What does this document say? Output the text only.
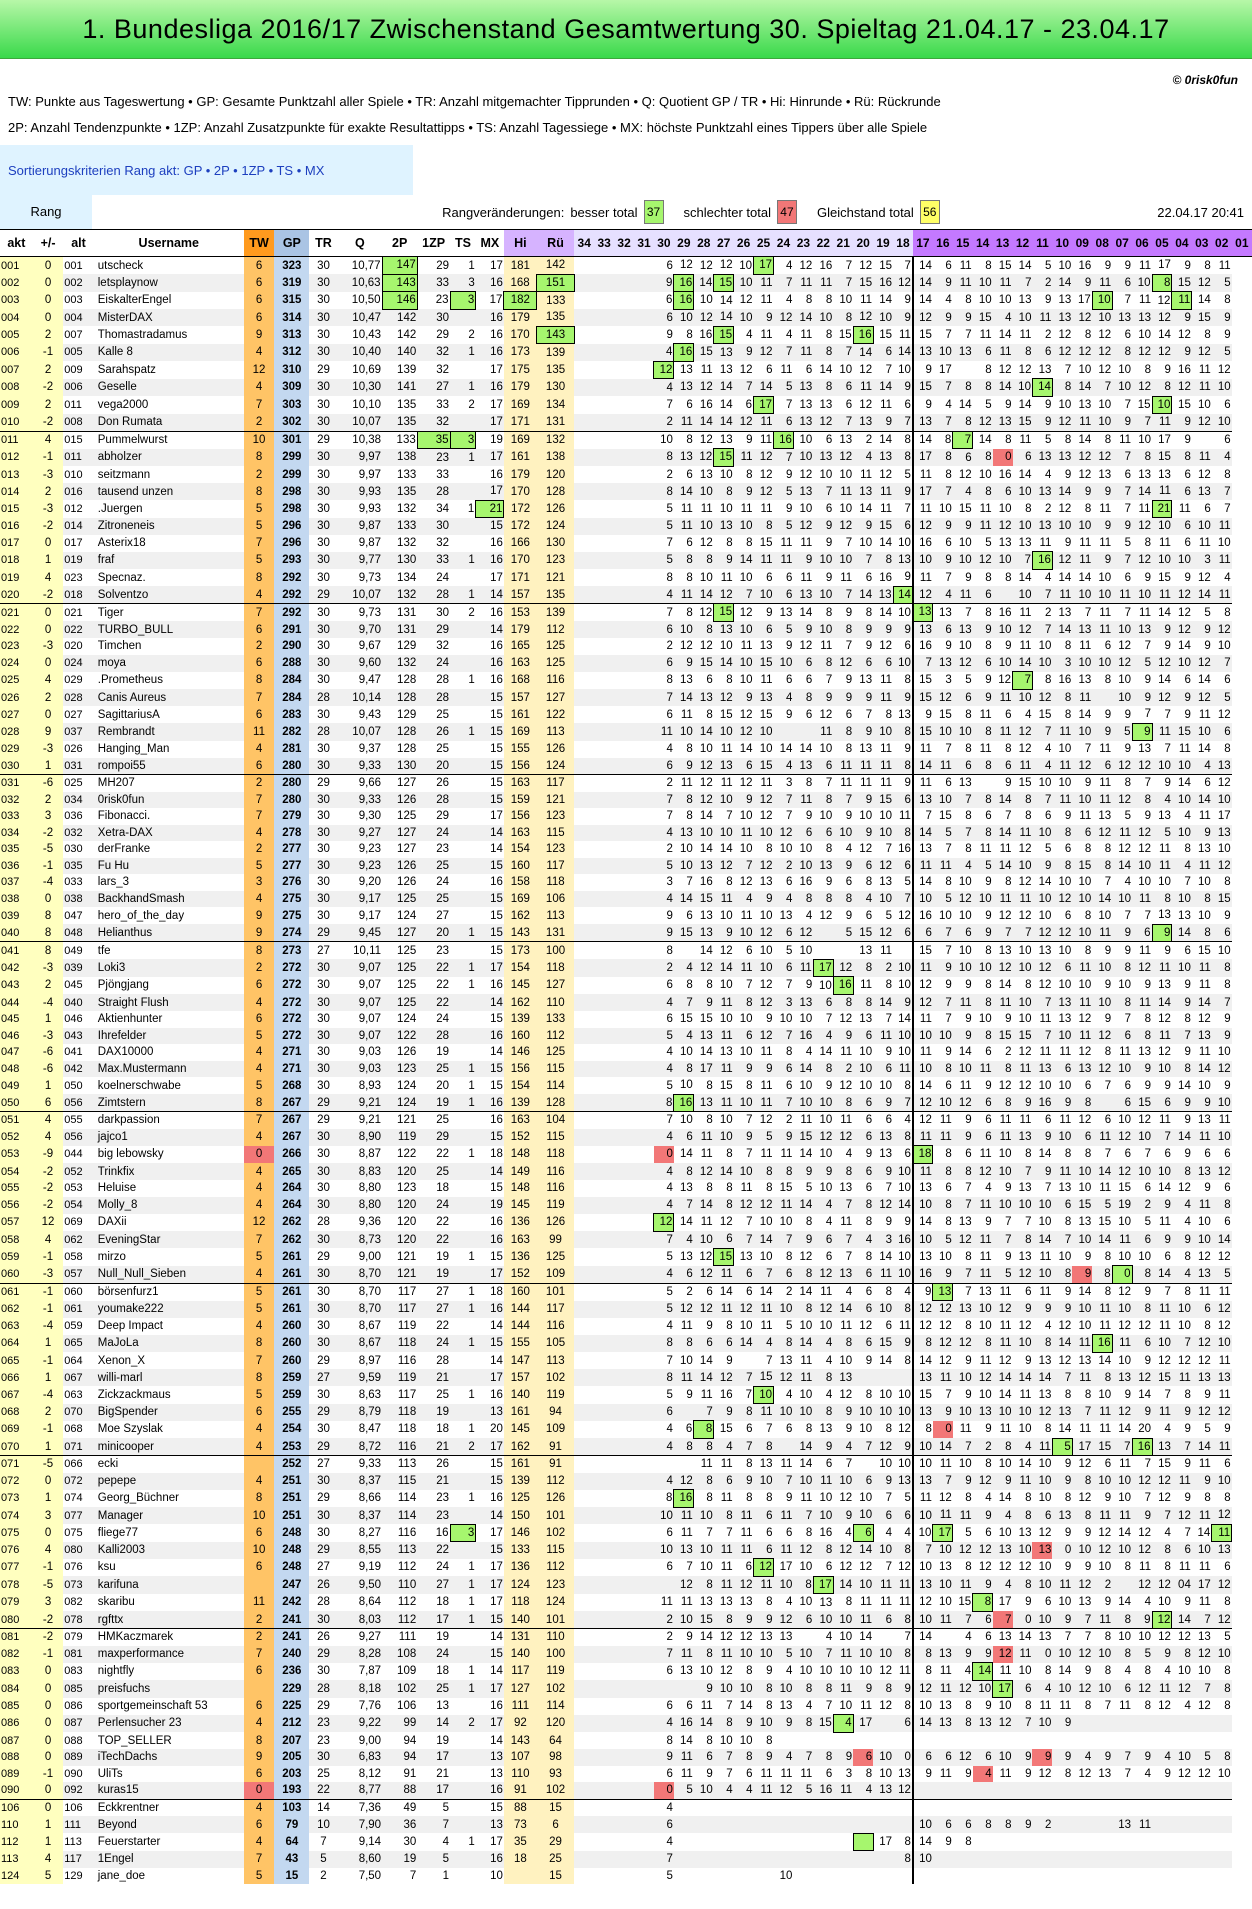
1. Bundesliga 2016/17 Zwischenstand Gesamtwertung 30. Spieltag 21.04.17 - 23.04.17
© 0risk0fun
TW: Punkte aus Tageswertung • GP: Gesamte Punktzahl aller Spiele • TR: Anzahl mitgemachter Tipprunden • Q: Quotient GP / TR • Hi: Hinrunde • Rü: Rückrunde
2P: Anzahl Tendenzpunkte • 1ZP: Anzahl Zusatzpunkte für exakte Resultattipps • TS: Anzahl Tagessiege • MX: höchste Punktzahl eines Tippers über alle Spiele
Sortierungskriterien Rang akt: GP • 2P • 1ZP • TS • MX
Rang	Rangveränderungen: besser total 37 schlechter total 47 Gleichstand total 56	22.04.17 20:41
akt	+/-	alt	Username	TW	GP	TR	Q	2P	1ZP	TS	MX	Hi	Rü	34	33	32	31	30	29	28	27	26	25	24	23	22	21	20	19	18	17	16	15	14	13	12	11	10	09	08	07	06	05	04	03	02	01
001	0	001	utscheck	6	323	30	10,77	147	29	1	17	181	142					6	12	12	12	10	17	4	12	16	7	12	15	7	14	6	11	8	15	14	5	10	16	9	9	11	17	9	8	11	
002	0	002	letsplaynow	6	319	30	10,63	143	33	3	16	168	151					9	16	14	15	10	11	7	11	11	7	15	16	12	14	9	11	10	11	7	2	14	9	11	6	10	8	15	12	5	
003	0	003	EiskalterEngel	6	315	30	10,50	146	23	3	17	182	133					6	16	10	14	12	11	4	8	8	10	11	14	9	14	4	8	10	10	13	9	13	17	10	7	11	12	11	14	8	
004	0	004	MisterDAX	6	314	30	10,47	142	30		16	179	135					6	10	12	14	10	9	12	14	10	8	12	10	9	12	9	9	15	4	10	11	13	12	10	13	13	12	9	15	9	
005	2	007	Thomastradamus	9	313	30	10,43	142	29	2	16	170	143					9	8	16	15	4	11	4	11	8	15	16	15	11	15	7	7	11	14	11	2	12	8	12	6	10	14	12	8	9	
006	-1	005	Kalle 8	4	312	30	10,40	140	32	1	16	173	139					4	16	15	13	9	12	7	11	8	7	14	6	14	13	10	13	6	11	8	6	12	12	12	8	12	12	9	12	5	
007	2	009	Sarahspatz	12	310	29	10,69	139	32		17	175	135					12	13	11	13	12	6	11	6	14	10	12	7	10	9	17		8	12	12	13	7	10	12	10	8	9	16	11	12	
008	-2	006	Geselle	4	309	30	10,30	141	27	1	16	179	130					4	13	12	14	7	14	5	13	8	6	11	14	9	15	7	8	8	14	10	14	8	14	7	10	12	8	12	11	10	
009	2	011	vega2000	7	303	30	10,10	135	33	2	17	169	134					7	6	16	14	6	17	7	13	13	6	12	11	6	9	4	14	5	9	14	9	10	13	10	7	15	10	15	10	6	
010	-2	008	Don Rumata	2	302	30	10,07	135	32		17	171	131					2	11	14	14	12	11	6	13	12	7	13	9	7	13	7	8	12	13	15	9	12	11	10	9	7	11	9	12	10	
011	4	015	Pummelwurst	10	301	29	10,38	133	35	3	19	169	132					10	8	12	13	9	11	16	10	6	13	2	14	8	14	8	7	14	8	11	5	8	14	8	11	10	17	9		6	
012	-1	011	abholzer	8	299	30	9,97	138	23	1	17	161	138					8	13	12	15	11	12	7	10	13	12	4	13	8	17	8	6	8	0	6	13	13	12	12	7	8	15	8	11	4	
013	-3	010	seitzmann	2	299	30	9,97	133	33		16	179	120					2	6	13	10	8	12	9	12	10	10	11	12	5	11	8	12	10	16	14	4	9	12	13	6	13	13	6	12	8	
014	2	016	tausend unzen	8	298	30	9,93	135	28		17	170	128					8	14	10	8	9	12	5	13	7	11	13	11	9	17	7	4	8	6	10	13	14	9	9	7	14	11	6	13	7	
015	-3	012	.Juergen	5	298	30	9,93	132	34	1	21	172	126					5	11	11	10	11	11	9	10	6	10	14	11	7	11	10	15	11	10	8	2	12	8	11	7	11	21	11	6	7	
016	-2	014	Zitroneneis	5	296	30	9,87	133	30		15	172	124					5	11	10	13	10	8	5	12	9	12	9	15	6	12	9	9	11	12	10	13	10	10	9	9	12	10	6	10	11	
017	0	017	Asterix18	7	296	30	9,87	132	32		16	166	130					7	6	12	8	8	15	11	11	9	7	10	14	10	16	6	10	5	13	13	11	9	11	11	5	8	11	6	11	10	
018	1	019	fraf	5	293	30	9,77	130	33	1	16	170	123					5	8	8	9	14	11	11	9	10	10	7	8	13	10	9	10	12	10	7	16	12	11	9	7	12	10	10	3	11	
019	4	023	Specnaz.	8	292	30	9,73	134	24		17	171	121					8	8	10	11	10	6	6	11	9	11	6	16	9	11	7	9	8	8	14	4	14	14	10	6	9	15	9	12	4	
020	-2	018	Solventzo	4	292	29	10,07	132	28	1	14	157	135					4	11	14	12	7	10	6	13	10	7	14	13	14	12	4	11	6		10	7	11	10	10	11	10	11	12	14	11	
021	0	021	Tiger	7	292	30	9,73	131	30	2	16	153	139					7	8	12	15	12	9	13	14	8	9	8	14	10	13	13	7	8	16	11	2	13	7	11	7	11	14	12	5	8	
022	0	022	TURBO_BULL	6	291	30	9,70	131	29		14	179	112					6	10	8	13	10	6	5	9	10	8	9	9	9	13	6	13	9	10	12	7	14	13	11	10	13	9	12	9	12	
023	-3	020	Timchen	2	290	30	9,67	129	32		16	165	125					2	12	12	10	11	13	9	12	11	7	9	12	6	16	9	10	8	9	11	10	8	11	6	12	7	9	14	9	10	
024	0	024	moya	6	288	30	9,60	132	24		16	163	125					6	9	15	14	10	15	10	6	8	12	6	6	10	7	13	12	6	10	14	10	3	10	10	12	5	12	10	12	7	
025	4	029	.Prometheus	8	284	30	9,47	128	28	1	16	168	116					8	13	6	8	10	11	6	6	7	9	13	11	8	15	3	5	9	12	7	8	16	13	8	10	9	14	6	14	6	
026	2	028	Canis Aureus	7	284	28	10,14	128	28		15	157	127					7	14	13	12	9	13	4	8	9	9	9	11	9	15	12	6	9	11	10	12	8	11		10	9	12	9	12	5	
027	0	027	SagittariusA	6	283	30	9,43	129	25		15	161	122					6	11	8	15	12	15	9	6	12	6	7	8	13	9	15	8	11	6	4	15	8	14	9	9	7	7	9	11	12	
028	9	037	Rembrandt	11	282	28	10,07	128	26	1	15	169	113					11	10	14	10	12	10			11	8	9	10	8	15	10	10	8	11	12	7	11	10	9	5	9	11	15	10	6	
029	-3	026	Hanging_Man	4	281	30	9,37	128	25		15	155	126					4	8	10	11	14	10	14	14	10	8	13	11	9	11	7	8	11	8	12	4	10	7	11	9	13	7	11	14	8	
030	1	031	rompoi55	6	280	30	9,33	130	20		15	156	124					6	9	12	13	6	15	4	13	6	11	11	11	8	14	11	6	8	6	11	4	11	12	6	12	12	10	10	4	13	
031	-6	025	MH207	2	280	29	9,66	127	26		15	163	117					2	11	12	11	12	11	3	8	7	11	11	11	9	11	6	13		9	15	10	10	9	11	8	7	9	14	6	12	
032	2	034	0risk0fun	7	280	30	9,33	126	28		15	159	121					7	8	12	10	9	12	7	11	8	7	9	15	6	13	10	7	8	14	8	7	11	10	11	12	8	4	10	14	10	
033	3	036	Fibonacci.	7	279	30	9,30	125	29		17	156	123					7	8	14	7	10	12	7	9	10	9	10	10	11	7	15	8	6	7	8	6	9	11	13	5	9	13	4	11	17	
034	-2	032	Xetra-DAX	4	278	30	9,27	127	24		14	163	115					4	13	10	10	11	10	12	6	6	10	9	10	8	14	5	7	8	14	11	10	8	6	12	11	12	5	10	9	13	
035	-5	030	derFranke	2	277	30	9,23	127	23		14	154	123					2	10	14	14	10	8	10	10	8	4	12	7	16	13	7	8	11	11	12	5	6	8	8	12	12	11	8	13	10	
036	-1	035	Fu Hu	5	277	30	9,23	126	25		15	160	117					5	10	13	12	7	12	2	10	13	9	6	12	6	11	11	4	5	14	10	9	8	15	8	14	10	11	4	11	12	
037	-4	033	lars_3	3	276	30	9,20	126	24		16	158	118					3	7	16	8	12	13	6	16	9	6	8	13	5	14	8	10	9	8	12	14	10	10	7	4	10	10	7	10	8	
038	0	038	BackhandSmash	4	275	30	9,17	125	25		15	169	106					4	14	15	11	4	9	4	8	8	8	4	10	7	10	5	12	10	11	11	10	12	10	14	10	11	8	10	8	15	
039	8	047	hero_of_the_day	9	275	30	9,17	124	27		15	162	113					9	6	13	10	11	10	13	4	12	9	6	5	12	16	10	10	9	12	12	10	6	8	10	7	7	13	13	10	9	
040	8	048	Helianthus	9	274	29	9,45	127	20	1	15	143	131					9	15	13	9	10	12	6	12		5	15	12	6	6	7	6	9	7	7	12	12	10	11	9	6	9	14	8	6	
041	8	049	tfe	8	273	27	10,11	125	23		15	173	100					8		14	12	6	10	5	10			13	11		15	7	10	8	13	10	13	10	8	9	9	11	9	6	15	10	
042	-3	039	Loki3	2	272	30	9,07	125	22	1	17	154	118					2	4	12	14	11	10	6	11	17	12	8	2	10	11	9	10	10	12	10	12	6	11	10	8	12	11	10	11	8	
043	2	045	Pjöngjang	6	272	30	9,07	125	22	1	16	145	127					6	8	8	10	7	12	7	9	10	16	11	8	10	12	9	9	8	14	8	12	10	10	9	10	9	13	9	11	8	
044	-4	040	Straight Flush	4	272	30	9,07	125	22		14	162	110					4	7	9	11	8	12	3	13	6	8	8	14	9	12	7	11	8	11	10	7	13	11	10	8	11	14	9	14	7	
045	1	046	Aktienhunter	6	272	30	9,07	124	24		15	139	133					6	15	15	10	10	9	10	10	7	12	13	7	14	11	7	9	10	9	10	11	13	12	9	7	8	12	8	12	9	
046	-3	043	Ihrefelder	5	272	30	9,07	122	28		16	160	112					5	4	13	11	6	12	7	16	4	9	6	11	10	10	10	9	8	15	15	7	10	11	12	6	8	11	7	13	9	
047	-6	041	DAX10000	4	271	30	9,03	126	19		14	146	125					4	10	14	13	10	11	8	4	14	11	10	9	10	11	9	14	6	2	12	11	11	12	8	11	13	12	9	11	10	
048	-6	042	Max.Mustermann	4	271	30	9,03	123	25	1	15	156	115					4	8	17	11	9	9	6	14	8	2	10	6	11	10	8	10	11	8	11	13	6	13	12	10	9	10	8	14	12	
049	1	050	koelnerschwabe	5	268	30	8,93	124	20	1	15	154	114					5	10	8	15	8	11	6	10	9	12	10	10	8	14	6	11	9	12	12	10	10	6	7	6	9	9	14	10	9	
050	6	056	Zimtstern	8	267	29	9,21	124	19	1	16	139	128					8	16	13	11	10	11	7	10	10	8	6	9	7	12	10	12	6	8	9	16	9	8		6	15	6	9	9	10	
051	4	055	darkpassion	7	267	29	9,21	121	25		16	163	104					7	10	8	10	7	12	2	11	10	11	6	6	4	12	11	9	6	11	11	6	11	12	6	10	12	11	9	13	11	
052	4	056	jajco1	4	267	30	8,90	119	29		15	152	115					4	6	11	10	9	5	9	15	12	12	6	13	8	11	11	9	6	11	13	9	10	6	11	12	10	7	14	11	10	
053	-9	044	big lebowsky	0	266	30	8,87	122	22	1	18	148	118					0	14	11	8	7	11	11	14	10	4	9	13	6	18	8	6	11	10	8	14	8	8	7	6	7	6	9	6	6	
054	-2	052	Trinkfix	4	265	30	8,83	120	25		14	149	116					4	8	12	14	10	8	8	9	9	8	6	9	10	11	8	8	12	10	7	9	11	10	14	12	10	10	8	13	12	
055	-2	053	Heluise	4	264	30	8,80	123	18		15	148	116					4	13	8	8	11	8	15	5	10	13	6	7	10	13	6	7	4	9	13	7	13	10	11	15	6	14	12	9	6	
056	-2	054	Molly_8	4	264	30	8,80	120	24		19	145	119					4	7	14	8	12	12	11	14	4	7	8	12	14	10	8	7	11	10	10	10	6	15	5	19	2	9	4	11	8	
057	12	069	DAXii	12	262	28	9,36	120	22		16	136	126					12	14	11	12	7	10	10	8	4	11	8	9	9	14	8	13	9	7	7	10	8	13	15	10	5	11	4	10	6	
058	4	062	EveningStar	7	262	30	8,73	120	22		16	163	99					7	4	10	6	7	14	7	9	6	7	4	3	16	10	5	12	11	7	8	14	7	10	14	11	6	9	9	10	14	
059	-1	058	mirzo	5	261	29	9,00	121	19	1	15	136	125					5	13	12	15	13	10	8	12	6	7	8	14	10	13	10	8	11	9	13	11	10	9	8	10	10	6	8	12	12	
060	-3	057	Null_Null_Sieben	4	261	30	8,70	121	19		17	152	109					4	6	12	11	6	7	6	8	12	13	6	11	10	16	9	7	11	5	12	10	8	9	8	0	8	14	4	13	5	
061	-1	060	börsenfurz1	5	261	30	8,70	117	27	1	18	160	101					5	2	6	14	6	14	2	14	11	4	6	8	4	9	13	7	13	11	6	11	9	14	8	12	9	7	8	11	11	
062	-1	061	youmake222	5	261	30	8,70	117	27	1	16	144	117					5	12	12	11	12	11	10	8	12	14	6	10	8	12	12	13	10	12	9	9	9	10	11	10	8	11	10	6	12	
063	-4	059	Deep Impact	4	260	30	8,67	119	22		14	144	116					4	11	9	8	10	11	5	10	10	11	12	6	11	12	12	8	10	11	12	4	12	10	11	12	12	11	10	8	12	
064	1	065	MaJoLa	8	260	30	8,67	118	24	1	15	155	105					8	8	6	6	14	4	8	14	4	8	6	15	9	8	12	12	8	11	10	8	14	11	16	11	6	10	7	12	10	
065	-1	064	Xenon_X	7	260	29	8,97	116	28		14	147	113					7	10	14	9		7	13	11	4	10	9	14	8	14	12	9	11	12	9	13	12	13	14	10	9	12	12	12	11	
066	1	067	willi-marl	8	259	27	9,59	119	21		17	157	102					8	11	14	12	7	15	12	11	8	13				13	11	10	12	14	14	14	7	11	8	13	12	15	11	13	13	
067	-4	063	Zickzackmaus	5	259	30	8,63	117	25	1	16	140	119					5	9	11	16	7	10	4	10	4	12	8	10	10	15	7	9	10	14	11	13	8	8	10	9	14	7	8	9	11	
068	2	070	BigSpender	6	255	29	8,79	118	19		13	161	94					6		7	9	8	11	10	10	8	9	10	10	10	13	9	10	13	10	10	12	13	7	11	12	9	11	9	12	12	
069	-1	068	Moe Szyslak	4	254	30	8,47	118	18	1	20	145	109					4	6	8	15	6	7	6	8	13	9	10	8	12	8	0	11	9	11	10	8	14	11	11	14	20	4	9	5	9	
070	1	071	minicooper	4	253	29	8,72	116	21	2	17	162	91					4	8	8	4	7	8		14	9	4	7	12	9	10	14	7	2	8	4	11	5	17	15	7	16	13	7	14	11	
071	-5	066	ecki		252	27	9,33	113	26		15	161	91							11	11	8	13	11	14	6	7		10	10	10	11	10	8	10	14	10	9	12	6	11	7	15	9	11	6	
072	0	072	pepepe	4	251	30	8,37	115	21		15	139	112					4	12	8	6	9	10	7	10	11	10	6	9	13	13	7	9	12	9	11	10	9	8	10	10	12	12	11	9	10	
073	1	074	Georg_Büchner	8	251	29	8,66	114	23	1	16	125	126					8	16	8	11	8	8	9	11	10	12	10	7	5	11	12	8	4	14	8	10	8	12	9	10	7	12	9	8	8	
074	3	077	Manager	10	251	30	8,37	114	23		14	150	101					10	11	10	8	11	6	11	7	10	9	10	6	6	10	11	11	9	4	8	6	13	8	11	11	9	7	12	11	12	
075	0	075	fliege77	6	248	30	8,27	116	16	3	17	146	102					6	11	7	7	11	6	6	8	16	4	6	4	4	10	17	5	6	10	13	12	9	9	12	14	12	4	7	14	11	
076	4	080	Kalli2003	10	248	29	8,55	113	22		15	133	115					10	13	10	11	11	6	11	12	8	12	14	10	8	7	10	12	12	13	10	13	0	10	12	10	12	8	6	10	13	
077	-1	076	ksu	6	248	27	9,19	112	24	1	17	136	112					6	7	10	11	6	12	17	10	6	12	12	7	12	10	13	8	12	12	12	10	9	9	10	8	11	8	11	11	6	
078	-5	073	karifuna		247	26	9,50	110	27	1	17	124	123						12	8	11	12	11	10	8	17	14	10	11	11	13	10	11	9	4	8	10	11	12	2		12	12	04	17	12	
079	3	082	skaribu	11	242	28	8,64	112	18	1	17	118	124					11	11	13	13	13	8	4	10	13	8	11	11	11	12	10	15	8	17	9	6	10	13	9	14	4	10	9	11	8	
080	-2	078	rgfttx	2	241	30	8,03	112	17	1	15	140	101					2	10	15	8	9	9	12	6	10	10	11	6	8	10	11	7	6	7	0	10	9	7	11	8	9	12	14	7	12	
081	-2	079	HMKaczmarek	2	241	26	9,27	111	19		14	131	110					2	9	14	12	12	13	13		4	10	14		7	14		4	6	13	14	13	7	7	8	10	10	12	12	13	5	
082	-1	081	maxperformance	7	240	29	8,28	108	24		15	140	100					7	11	8	11	10	10	5	10	7	11	10	10	8	8	13	9	9	12	11	0	10	12	10	8	5	9	8	12	10	
083	0	083	nightfly	6	236	30	7,87	109	18	1	14	117	119					6	13	10	12	8	9	4	10	10	10	10	12	11	8	11	4	14	11	10	8	14	9	8	4	8	4	10	10	8	
084	0	085	preisfuchs		229	28	8,18	102	25	1	17	127	102							9	10	10	8	10	8	8	11	9	8	9	12	11	12	10	17	6	4	10	12	10	6	12	11	12	7	8	
085	0	086	sportgemeinschaft 53	6	225	29	7,76	106	13		16	111	114					6	6	11	7	14	8	13	4	7	10	11	12	8	10	13	8	9	10	8	11	11	8	7	11	8	12	4	12	8	
086	0	087	Perlensucher 23	4	212	23	9,22	99	14	2	17	92	120					4	16	14	8	9	10	9	8	15	4	17		6	14	13	8	13	12	7	10	9									
087	0	088	TOP_SELLER	8	207	23	9,00	94	19		14	143	64					8	14	8	10	10	8																								
088	0	089	iTechDachs	9	205	30	6,83	94	17		13	107	98					9	11	6	7	8	9	4	7	8	9	6	10	0	6	6	12	6	10	9	9	9	4	9	7	9	4	10	5	8	
089	-1	090	UliTs	6	203	25	8,12	91	21		13	110	93					6	11	9	7	6	11	11	11	6	3	8	10	13	9	11	9	4	11	9	12	8	12	13	7	4	9	12	12	10	
090	0	092	kuras15	0	193	22	8,77	88	17		16	91	102					0	5	10	4	4	11	12	5	16	11	4	13	12																	
106	0	106	Eckkrentner	4	103	14	7,36	49	5		15	88	15					4																													
110	1	111	Beyond	6	79	10	7,90	36	7		13	73	6					6													10	6	6	8	8	9	2				13	11					
112	1	113	Feuerstarter	4	64	7	9,14	30	4	1	17	35	29					4											17	8	14	9	8														
113	4	117	1Engel	7	43	5	8,60	19	5		16	18	25					7												8	10																
124	5	129	jane_doe	5	15	2	7,50	7	1		10		15					5						10																							
